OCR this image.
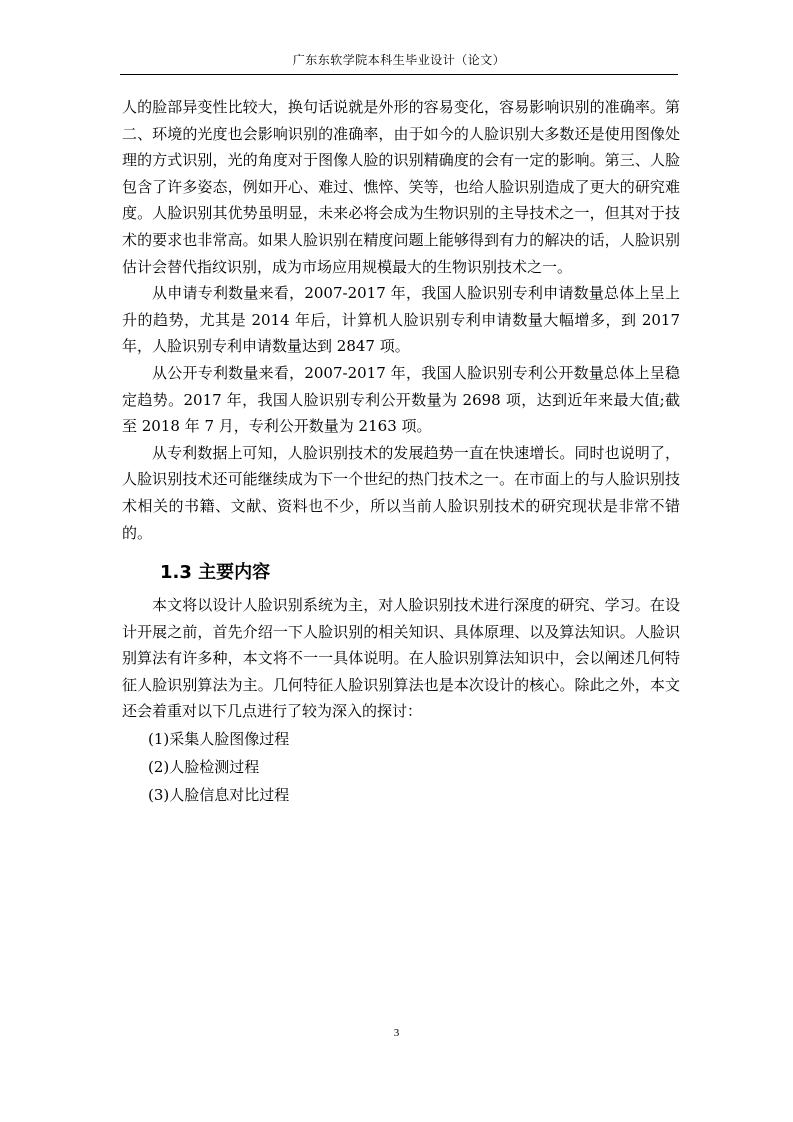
广东东软学院本科生毕业设计（论文）

人的脸部异变性比较大，换句话说就是外形的容易变化，容易影响识别的准确率。第二、环境的光度也会影响识别的准确率，由于如今的人脸识别大多数还是使用图像处理的方式识别，光的角度对于图像人脸的识别精确度的会有一定的影响。第三、人脸包含了许多姿态，例如开心、难过、憔悴、笑等，也给人脸识别造成了更大的研究难度。人脸识别其优势虽明显，未来必将会成为生物识别的主导技术之一，但其对于技术的要求也非常高。如果人脸识别在精度问题上能够得到有力的解决的话，人脸识别估计会替代指纹识别，成为市场应用规模最大的生物识别技术之一。

从申请专利数量来看，2007-2017 年，我国人脸识别专利申请数量总体上呈上升的趋势，尤其是 2014 年后，计算机人脸识别专利申请数量大幅增多，到 2017 年，人脸识别专利申请数量达到 2847 项。

从公开专利数量来看，2007-2017 年，我国人脸识别专利公开数量总体上呈稳定趋势。2017 年，我国人脸识别专利公开数量为 2698 项，达到近年来最大值;截至 2018 年 7 月，专利公开数量为 2163 项。

从专利数据上可知，人脸识别技术的发展趋势一直在快速增长。同时也说明了，人脸识别技术还可能继续成为下一个世纪的热门技术之一。在市面上的与人脸识别技术相关的书籍、文献、资料也不少，所以当前人脸识别技术的研究现状是非常不错的。

1.3 主要内容

本文将以设计人脸识别系统为主，对人脸识别技术进行深度的研究、学习。在设计开展之前，首先介绍一下人脸识别的相关知识、具体原理、以及算法知识。人脸识别算法有许多种，本文将不一一具体说明。在人脸识别算法知识中，会以阐述几何特征人脸识别算法为主。几何特征人脸识别算法也是本次设计的核心。除此之外，本文还会着重对以下几点进行了较为深入的探讨：

(1)采集人脸图像过程

(2)人脸检测过程

(3)人脸信息对比过程

3
